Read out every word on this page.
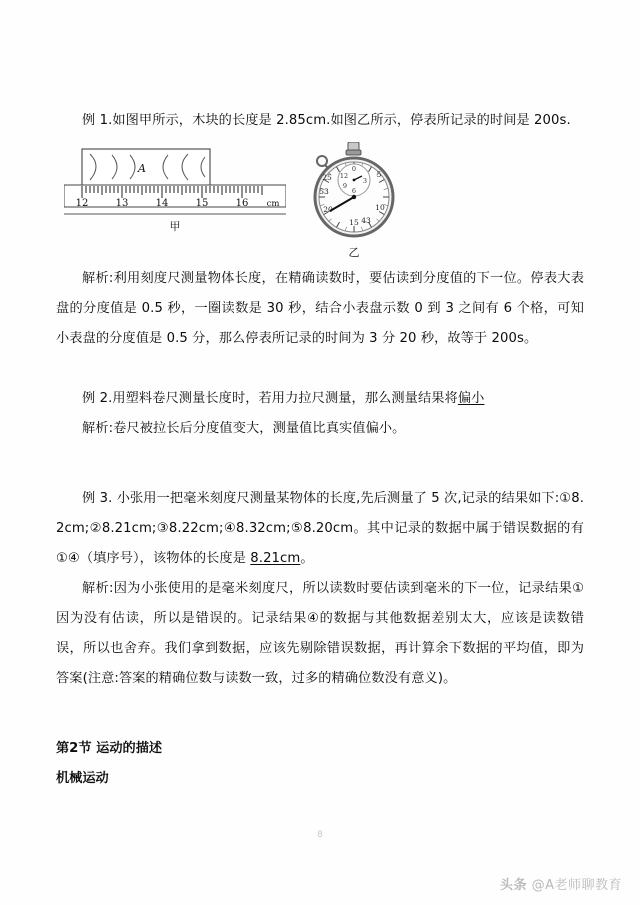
例 1.如图甲所示，木块的长度是 2.85cm.如图乙所示，停表所记录的时间是 200s.

A
12	13	14	15	16 cm
甲
5
10
15
20
25
53
43
0
3
6
9
12
乙

解析:利用刻度尺测量物体长度，在精确读数时，要估读到分度值的下一位。停表大表盘的分度值是 0.5 秒，一圈读数是 30 秒，结合小表盘示数 0 到 3 之间有 6 个格，可知小表盘的分度值是 0.5 分，那么停表所记录的时间为 3 分 20 秒，故等于 200s。

例 2.用塑料卷尺测量长度时，若用力拉尺测量，那么测量结果将偏小

解析:卷尺被拉长后分度值变大，测量值比真实值偏小。

例 3. 小张用一把毫米刻度尺测量某物体的长度,先后测量了 5 次,记录的结果如下:①8.2cm;②8.21cm;③8.22cm;④8.32cm;⑤8.20cm。其中记录的数据中属于错误数据的有①④（填序号），该物体的长度是 8.21cm。

解析:因为小张使用的是毫米刻度尺，所以读数时要估读到毫米的下一位，记录结果①因为没有估读，所以是错误的。记录结果④的数据与其他数据差别太大，应该是读数错误，所以也舍弃。我们拿到数据，应该先剔除错误数据，再计算余下数据的平均值，即为答案(注意:答案的精确位数与读数一致，过多的精确位数没有意义)。

第2节 运动的描述

机械运动

8
头条 @A老师聊教育
